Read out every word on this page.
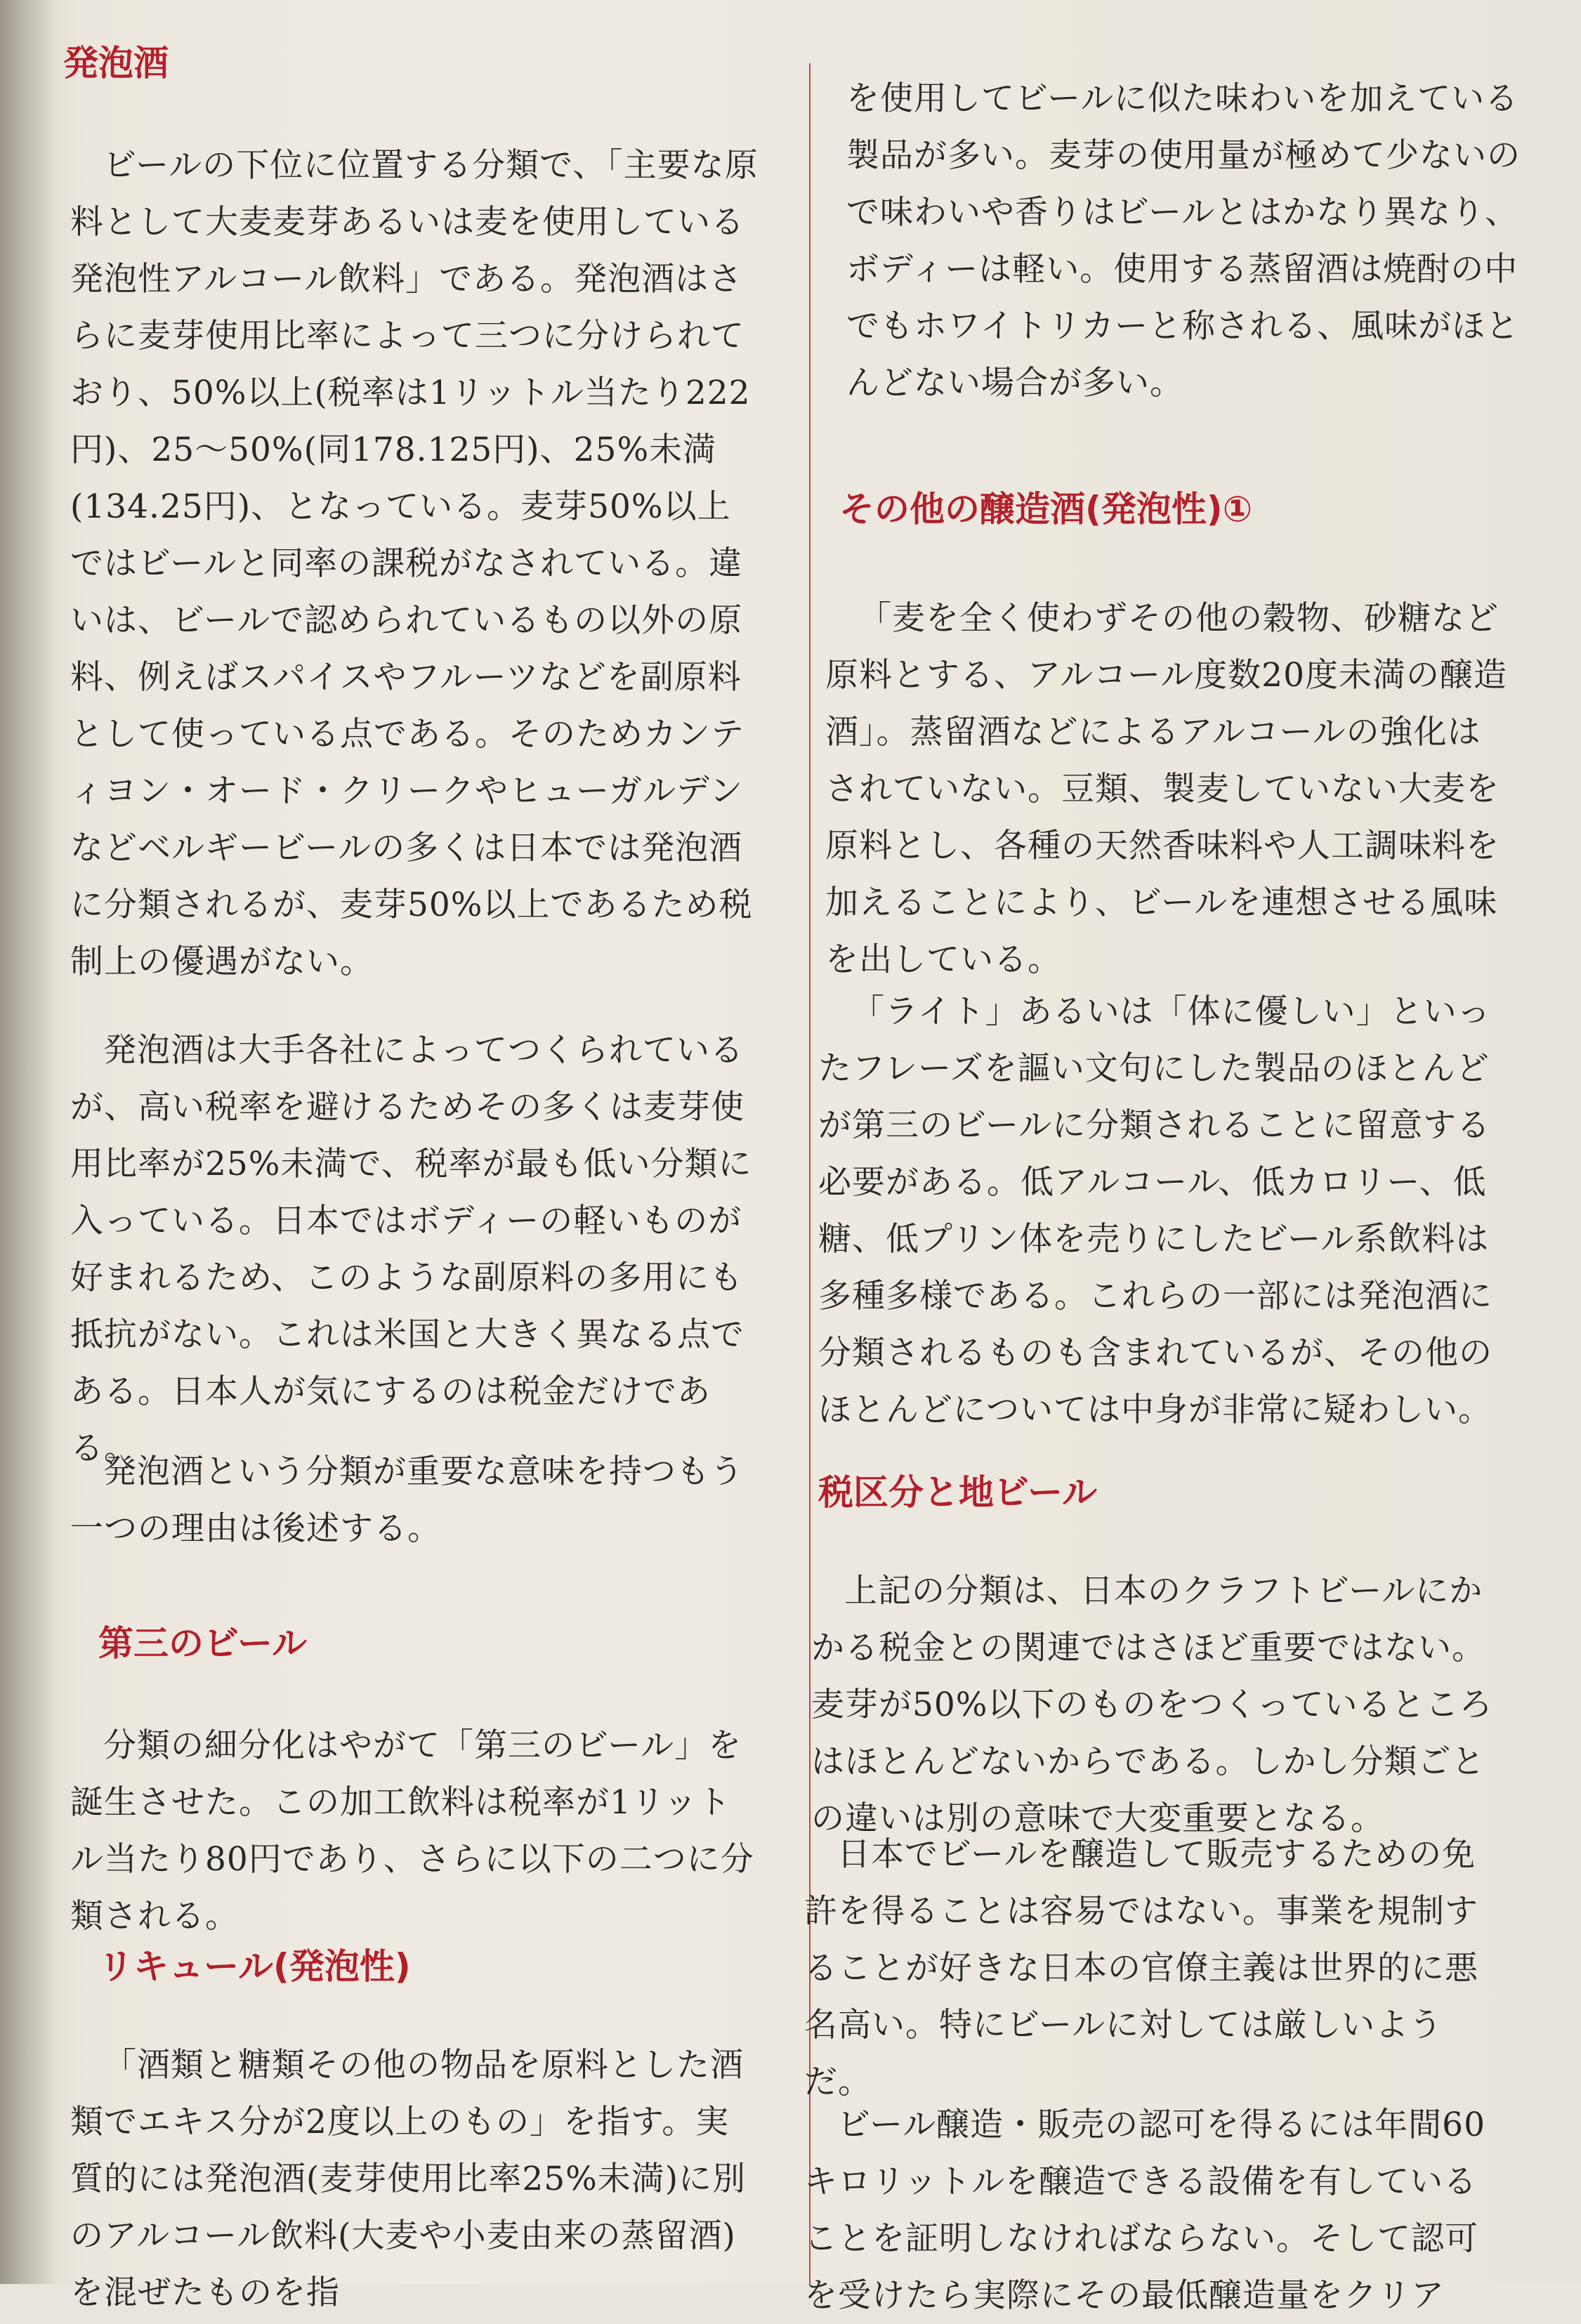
発泡酒

ビールの下位に位置する分類で、「主要な原料として大麦麦芽あるいは麦を使用している発泡性アルコール飲料」である。発泡酒はさらに麦芽使用比率によって三つに分けられており、50%以上(税率は1リットル当たり222円)、25〜50%(同178.125円)、25%未満(134.25円)、となっている。麦芽50%以上ではビールと同率の課税がなされている。違いは、ビールで認められているもの以外の原料、例えばスパイスやフルーツなどを副原料として使っている点である。そのためカンティヨン・オード・クリークやヒューガルデンなどベルギービールの多くは日本では発泡酒に分類されるが、麦芽50%以上であるため税制上の優遇がない。

発泡酒は大手各社によってつくられているが、高い税率を避けるためその多くは麦芽使用比率が25%未満で、税率が最も低い分類に入っている。日本ではボディーの軽いものが好まれるため、このような副原料の多用にも抵抗がない。これは米国と大きく異なる点である。日本人が気にするのは税金だけである。

発泡酒という分類が重要な意味を持つもう一つの理由は後述する。

第三のビール

分類の細分化はやがて「第三のビール」を誕生させた。この加工飲料は税率が1リットル当たり80円であり、さらに以下の二つに分類される。

リキュール(発泡性)

「酒類と糖類その他の物品を原料とした酒類でエキス分が2度以上のもの」を指す。実質的には発泡酒(麦芽使用比率25%未満)に別のアルコール飲料(大麦や小麦由来の蒸留酒)を混ぜたものを指

を使用してビールに似た味わいを加えている製品が多い。麦芽の使用量が極めて少ないので味わいや香りはビールとはかなり異なり、ボディーは軽い。使用する蒸留酒は焼酎の中でもホワイトリカーと称される、風味がほとんどない場合が多い。

その他の醸造酒(発泡性)①

「麦を全く使わずその他の穀物、砂糖など原料とする、アルコール度数20度未満の醸造酒」。蒸留酒などによるアルコールの強化はされていない。豆類、製麦していない大麦を原料とし、各種の天然香味料や人工調味料を加えることにより、ビールを連想させる風味を出している。

「ライト」あるいは「体に優しい」といったフレーズを謳い文句にした製品のほとんどが第三のビールに分類されることに留意する必要がある。低アルコール、低カロリー、低糖、低プリン体を売りにしたビール系飲料は多種多様である。これらの一部には発泡酒に分類されるものも含まれているが、その他のほとんどについては中身が非常に疑わしい。

税区分と地ビール

上記の分類は、日本のクラフトビールにかかる税金との関連ではさほど重要ではない。麦芽が50%以下のものをつくっているところはほとんどないからである。しかし分類ごとの違いは別の意味で大変重要となる。

日本でビールを醸造して販売するための免許を得ることは容易ではない。事業を規制することが好きな日本の官僚主義は世界的に悪名高い。特にビールに対しては厳しいようだ。

ビール醸造・販売の認可を得るには年間60キロリットルを醸造できる設備を有していることを証明しなければならない。そして認可を受けたら実際にその最低醸造量をクリア
